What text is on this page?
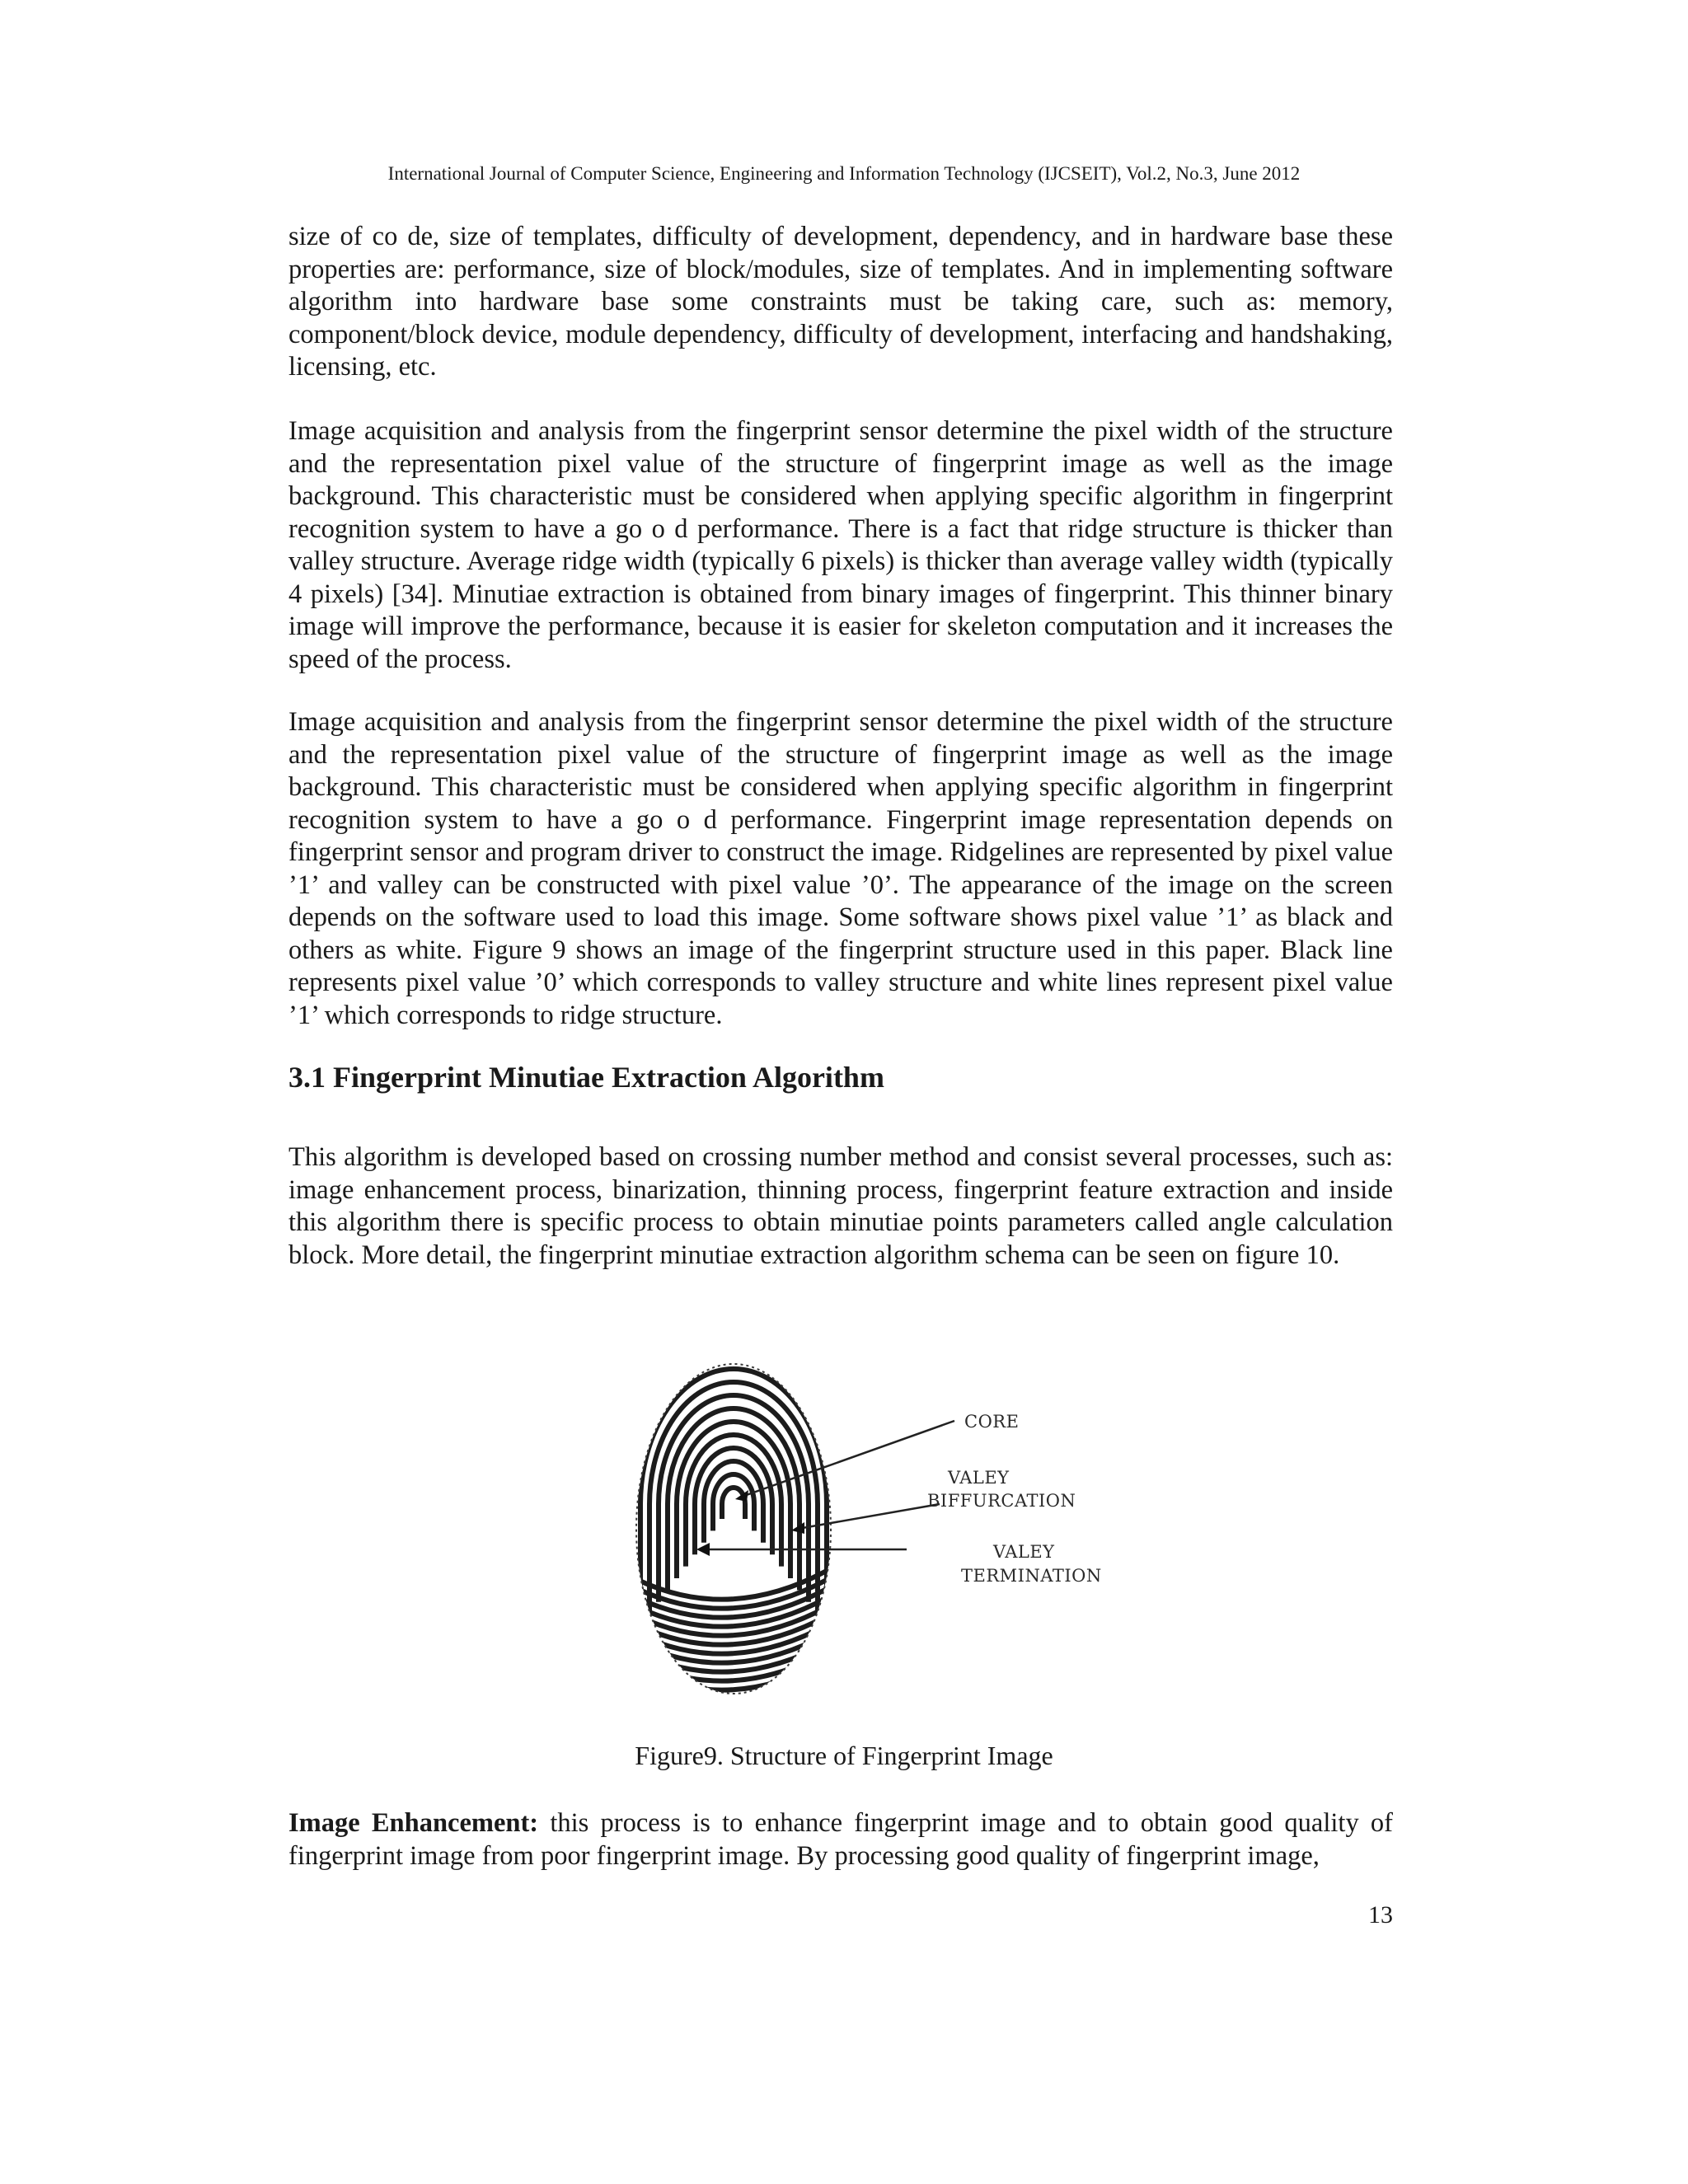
International Journal of Computer Science, Engineering and Information Technology (IJCSEIT), Vol.2, No.3, June 2012

size of co de, size of templates, difficulty of development, dependency, and in hardware base these properties are: performance, size of block/modules, size of templates. And in implementing software algorithm into hardware base some constraints must be taking care, such as: memory, component/block device, module dependency, difficulty of development, interfacing and handshaking, licensing, etc.

Image acquisition and analysis from the fingerprint sensor determine the pixel width of the structure and the representation pixel value of the structure of fingerprint image as well as the image background. This characteristic must be considered when applying specific algorithm in fingerprint recognition system to have a go o d performance. There is a fact that ridge structure is thicker than valley structure. Average ridge width (typically 6 pixels) is thicker than average valley width (typically 4 pixels) [34]. Minutiae extraction is obtained from binary images of fingerprint. This thinner binary image will improve the performance, because it is easier for skeleton computation and it increases the speed of the process.

Image acquisition and analysis from the fingerprint sensor determine the pixel width of the structure and the representation pixel value of the structure of fingerprint image as well as the image background. This characteristic must be considered when applying specific algorithm in fingerprint recognition system to have a go o d performance. Fingerprint image representation depends on fingerprint sensor and program driver to construct the image. Ridgelines are represented by pixel value ’1’ and valley can be constructed with pixel value ’0’. The appearance of the image on the screen depends on the software used to load this image. Some software shows pixel value ’1’ as black and others as white. Figure 9 shows an image of the fingerprint structure used in this paper. Black line represents pixel value ’0’ which corresponds to valley structure and white lines represent pixel value ’1’ which corresponds to ridge structure.

3.1 Fingerprint Minutiae Extraction Algorithm

This algorithm is developed based on crossing number method and consist several processes, such as: image enhancement process, binarization, thinning process, fingerprint feature extraction and inside this algorithm there is specific process to obtain minutiae points parameters called angle calculation block. More detail, the fingerprint minutiae extraction algorithm schema can be seen on figure 10.

CORE
VALEY
BIFFURCATION
VALEY
TERMINATION
Figure9. Structure of Fingerprint Image

Image Enhancement: this process is to enhance fingerprint image and to obtain good quality of fingerprint image from poor fingerprint image. By processing good quality of fingerprint image,

13
